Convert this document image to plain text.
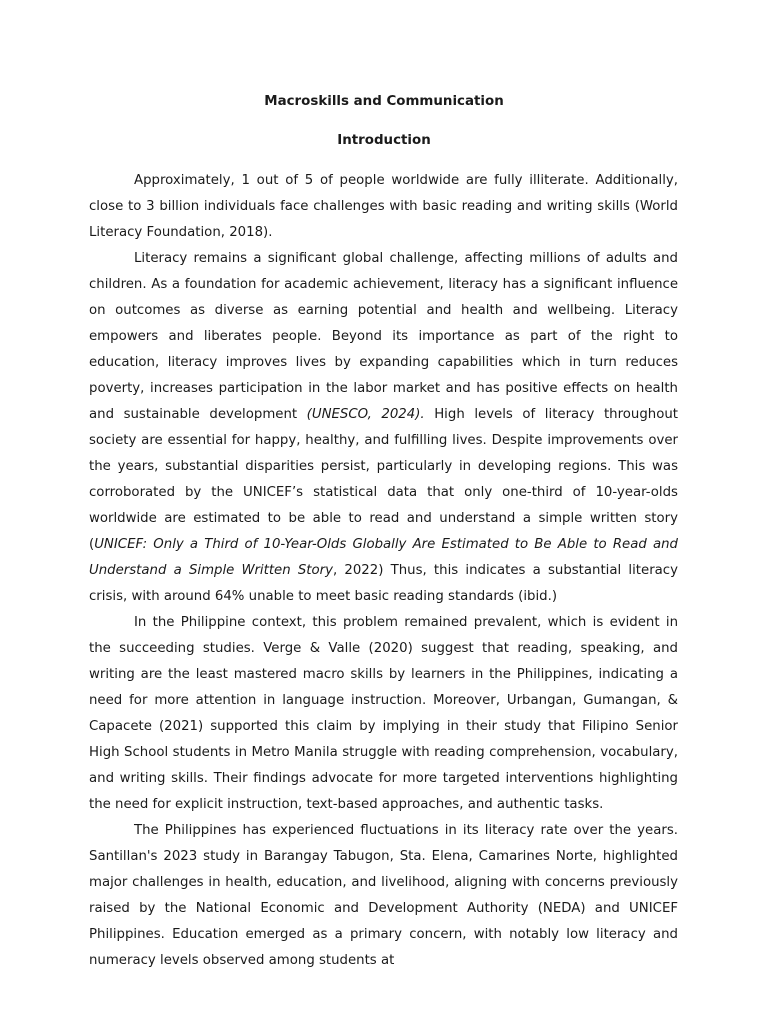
Macroskills and Communication
Introduction

Approximately, 1 out of 5 of people worldwide are fully illiterate. Additionally, close to 3 billion individuals face challenges with basic reading and writing skills (World Literacy Foundation, 2018).

Literacy remains a significant global challenge, affecting millions of adults and children. As a foundation for academic achievement, literacy has a significant influence on outcomes as diverse as earning potential and health and wellbeing. Literacy empowers and liberates people. Beyond its importance as part of the right to education, literacy improves lives by expanding capabilities which in turn reduces poverty, increases participation in the labor market and has positive effects on health and sustainable development (UNESCO, 2024). High levels of literacy throughout society are essential for happy, healthy, and fulfilling lives. Despite improvements over the years, substantial disparities persist, particularly in developing regions. This was corroborated by the UNICEF’s statistical data that only one-third of 10-year-olds worldwide are estimated to be able to read and understand a simple written story (UNICEF: Only a Third of 10-Year-Olds Globally Are Estimated to Be Able to Read and Understand a Simple Written Story, 2022) Thus, this indicates a substantial literacy crisis, with around 64% unable to meet basic reading standards (ibid.)

In the Philippine context, this problem remained prevalent, which is evident in the succeeding studies. Verge & Valle (2020) suggest that reading, speaking, and writing are the least mastered macro skills by learners in the Philippines, indicating a need for more attention in language instruction. Moreover, Urbangan, Gumangan, & Capacete (2021) supported this claim by implying in their study that Filipino Senior High School students in Metro Manila struggle with reading comprehension, vocabulary, and writing skills. Their findings advocate for more targeted interventions highlighting the need for explicit instruction, text-based approaches, and authentic tasks.

The Philippines has experienced fluctuations in its literacy rate over the years. Santillan's 2023 study in Barangay Tabugon, Sta. Elena, Camarines Norte, highlighted major challenges in health, education, and livelihood, aligning with concerns previously raised by the National Economic and Development Authority (NEDA) and UNICEF Philippines. Education emerged as a primary concern, with notably low literacy and numeracy levels observed among students at
